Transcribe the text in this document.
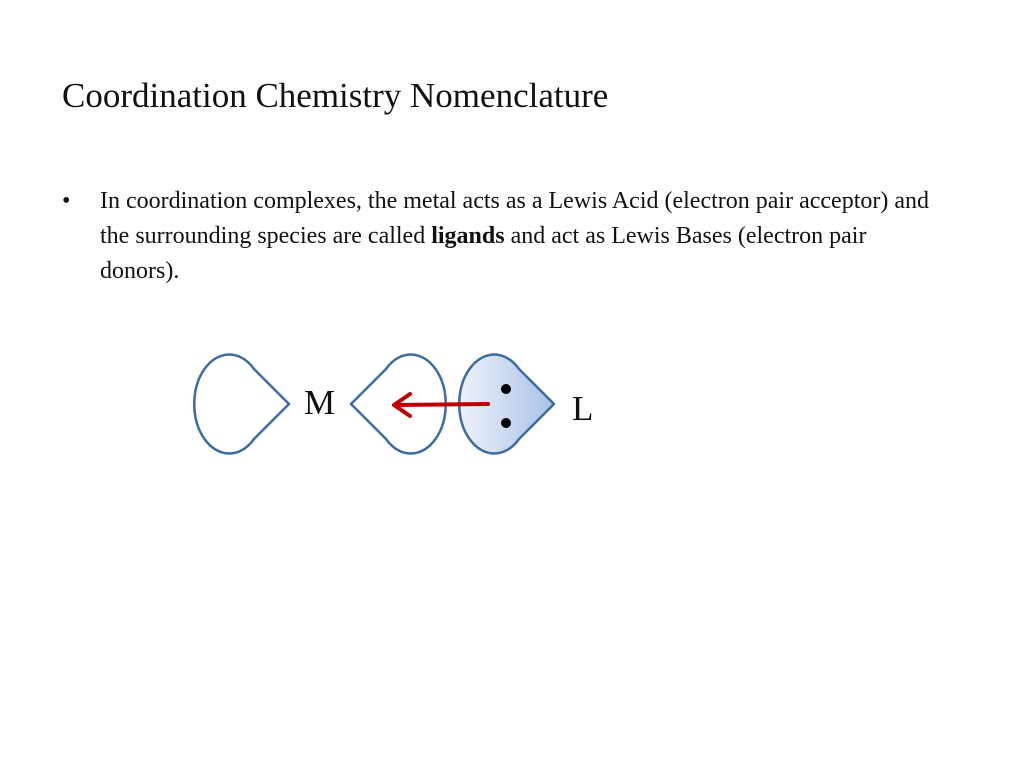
Coordination Chemistry Nomenclature
• In coordination complexes, the metal acts as a Lewis Acid (electron pair acceptor) and the surrounding species are called ligands and act as Lewis Bases (electron pair donors).
M	L
